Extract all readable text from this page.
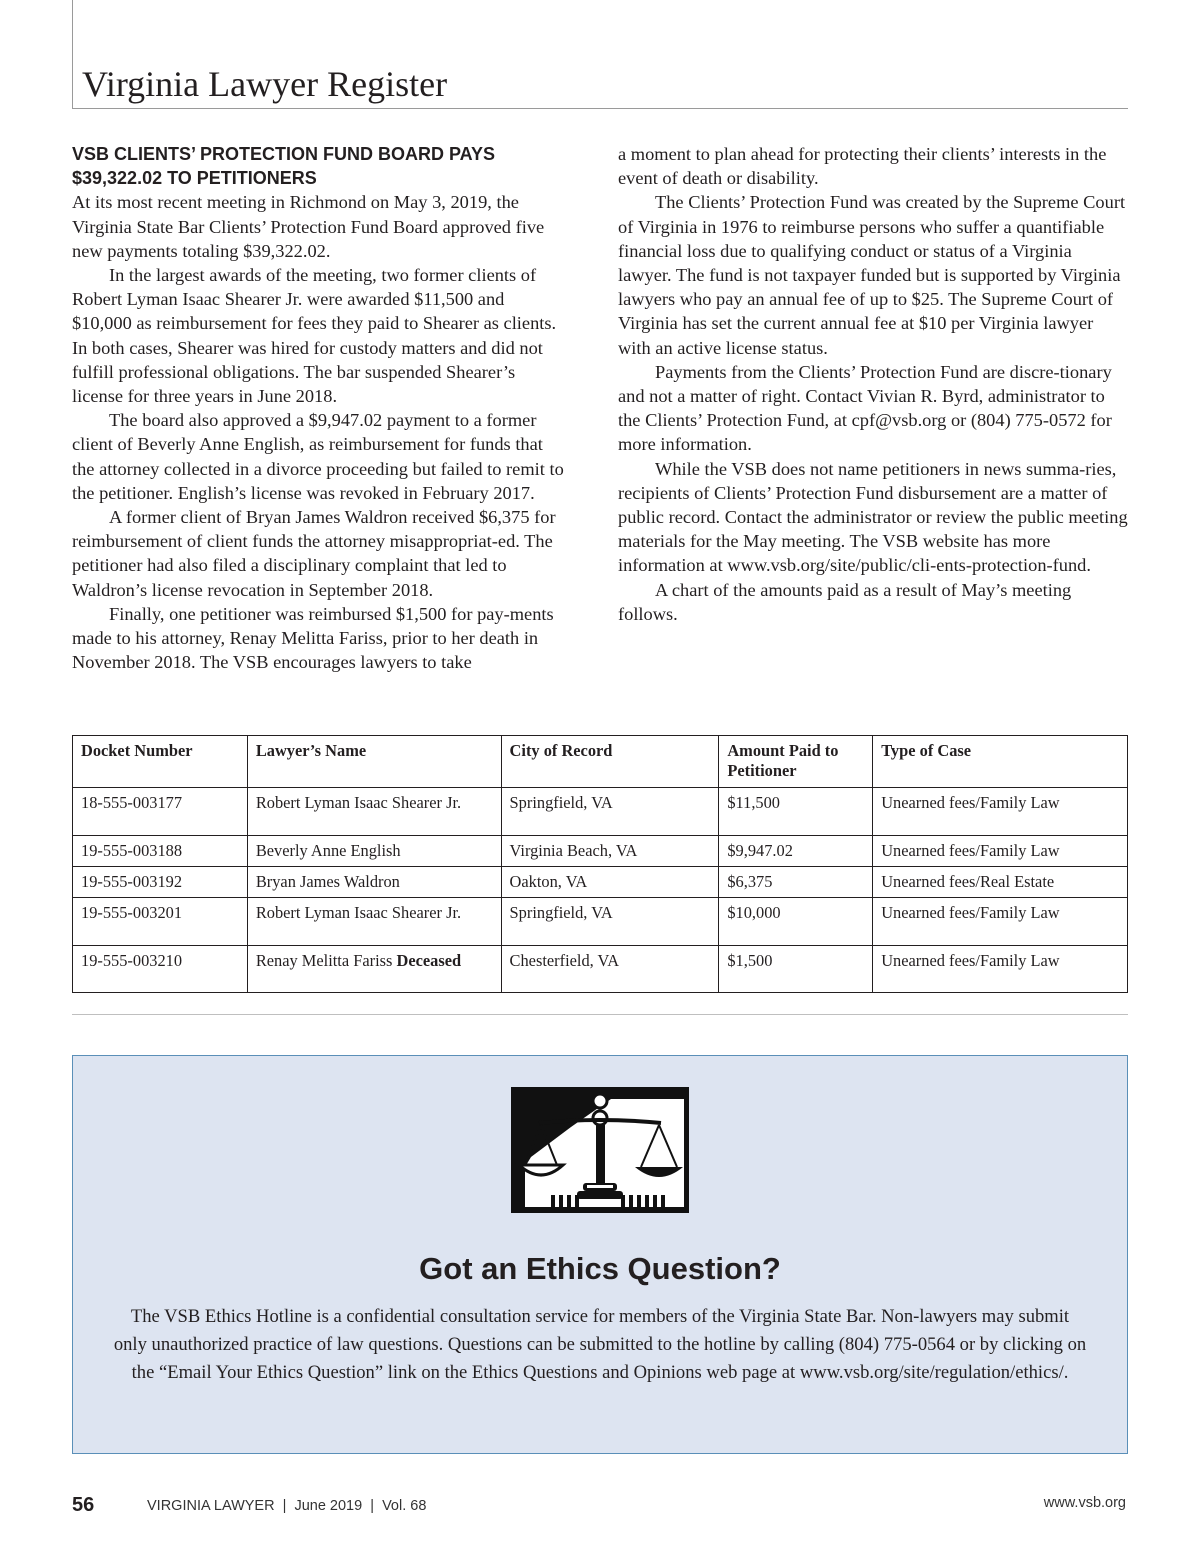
Virginia Lawyer Register
VSB CLIENTS’ PROTECTION FUND BOARD PAYS
$39,322.02 TO PETITIONERS

At its most recent meeting in Richmond on May 3, 2019, the Virginia State Bar Clients’ Protection Fund Board approved five new payments totaling $39,322.02.

In the largest awards of the meeting, two former clients of Robert Lyman Isaac Shearer Jr. were awarded $11,500 and $10,000 as reimbursement for fees they paid to Shearer as clients. In both cases, Shearer was hired for custody matters and did not fulfill professional obligations. The bar suspended Shearer’s license for three years in June 2018.

The board also approved a $9,947.02 payment to a former client of Beverly Anne English, as reimbursement for funds that the attorney collected in a divorce proceeding but failed to remit to the petitioner. English’s license was revoked in February 2017.

A former client of Bryan James Waldron received $6,375 for reimbursement of client funds the attorney misappropriat-ed. The petitioner had also filed a disciplinary complaint that led to Waldron’s license revocation in September 2018.

Finally, one petitioner was reimbursed $1,500 for pay-ments made to his attorney, Renay Melitta Fariss, prior to her death in November 2018. The VSB encourages lawyers to take

a moment to plan ahead for protecting their clients’ interests in the event of death or disability.

The Clients’ Protection Fund was created by the Supreme Court of Virginia in 1976 to reimburse persons who suffer a quantifiable financial loss due to qualifying conduct or status of a Virginia lawyer. The fund is not taxpayer funded but is supported by Virginia lawyers who pay an annual fee of up to $25. The Supreme Court of Virginia has set the current annual fee at $10 per Virginia lawyer with an active license status.

Payments from the Clients’ Protection Fund are discre-tionary and not a matter of right. Contact Vivian R. Byrd, administrator to the Clients’ Protection Fund, at cpf@vsb.org or (804) 775-0572 for more information.

While the VSB does not name petitioners in news summa-ries, recipients of Clients’ Protection Fund disbursement are a matter of public record. Contact the administrator or review the public meeting materials for the May meeting. The VSB website has more information at www.vsb.org/site/public/cli-ents-protection-fund.

A chart of the amounts paid as a result of May’s meeting follows.

Docket Number	Lawyer’s Name	City of Record	Amount Paid to Petitioner	Type of Case
18-555-003177	Robert Lyman Isaac Shearer Jr.	Springfield, VA	$11,500	Unearned fees/Family Law
19-555-003188	Beverly Anne English	Virginia Beach, VA	$9,947.02	Unearned fees/Family Law
19-555-003192	Bryan James Waldron	Oakton, VA	$6,375	Unearned fees/Real Estate
19-555-003201	Robert Lyman Isaac Shearer Jr.	Springfield, VA	$10,000	Unearned fees/Family Law
19-555-003210	Renay Melitta Fariss Deceased	Chesterfield, VA	$1,500	Unearned fees/Family Law
Got an Ethics Question?

The VSB Ethics Hotline is a confidential consultation service for members of the Virginia State Bar. Non-lawyers may submit only unauthorized practice of law questions. Questions can be submitted to the hotline by calling (804) 775-0564 or by clicking on the “Email Your Ethics Question” link on the Ethics Questions and Opinions web page at www.vsb.org/site/regulation/ethics/.

56	VIRGINIA LAWYER  |  June 2019  |  Vol. 68	www.vsb.org
